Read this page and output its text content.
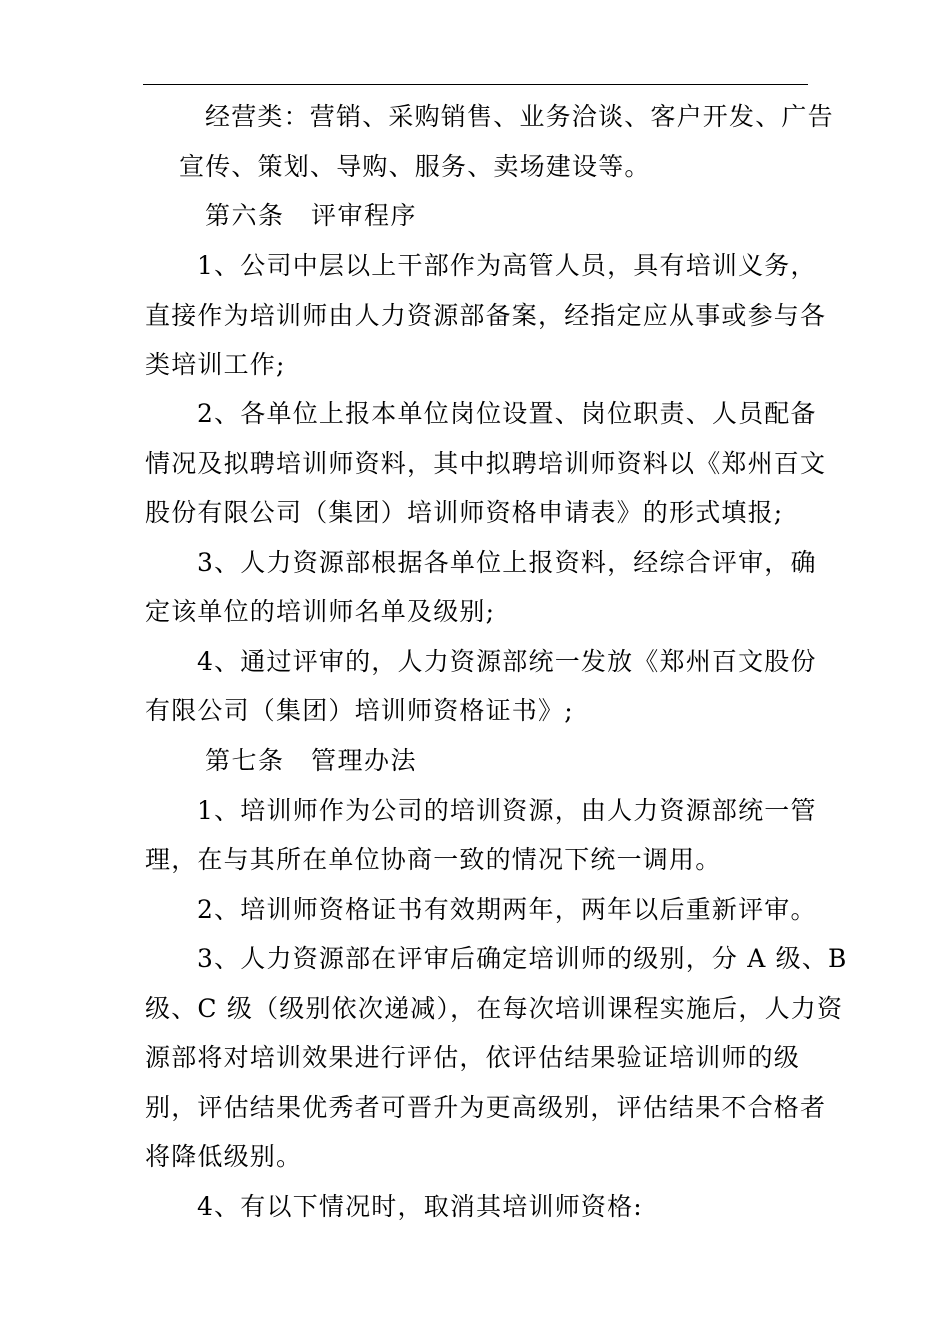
经营类：营销、采购销售、业务洽谈、客户开发、广告
宣传、策划、导购、服务、卖场建设等。
第六条　评审程序
1、公司中层以上干部作为高管人员，具有培训义务，
直接作为培训师由人力资源部备案，经指定应从事或参与各
类培训工作;
2、各单位上报本单位岗位设置、岗位职责、人员配备
情况及拟聘培训师资料，其中拟聘培训师资料以《郑州百文
股份有限公司（集团）培训师资格申请表》的形式填报;
3、人力资源部根据各单位上报资料，经综合评审，确
定该单位的培训师名单及级别;
4、通过评审的，人力资源部统一发放《郑州百文股份
有限公司（集团）培训师资格证书》;
第七条　管理办法
1、培训师作为公司的培训资源，由人力资源部统一管
理，在与其所在单位协商一致的情况下统一调用。
2、培训师资格证书有效期两年，两年以后重新评审。
3、人力资源部在评审后确定培训师的级别，分 A 级、B
级、C 级（级别依次递减），在每次培训课程实施后，人力资
源部将对培训效果进行评估，依评估结果验证培训师的级
别，评估结果优秀者可晋升为更高级别，评估结果不合格者
将降低级别。
4、有以下情况时，取消其培训师资格:
